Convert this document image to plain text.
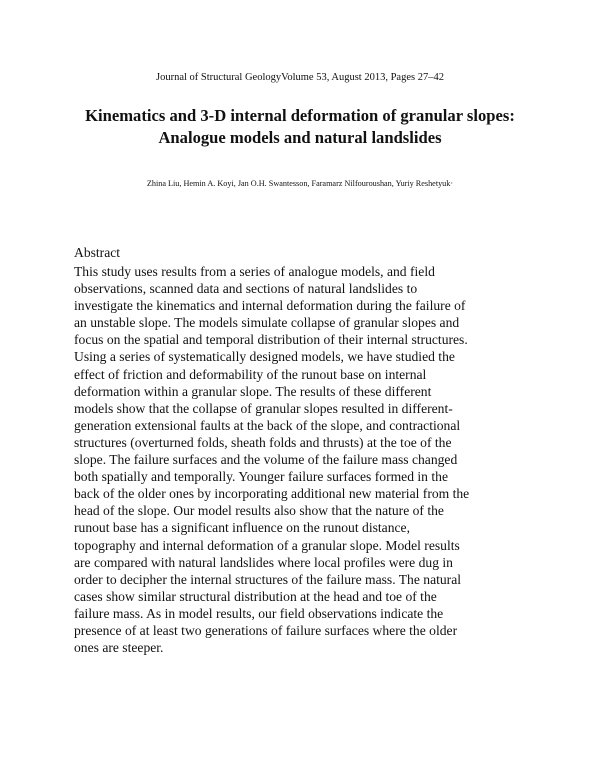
Journal of Structural GeologyVolume 53, August 2013, Pages 27–42
Kinematics and 3-D internal deformation of granular slopes:
Analogue models and natural landslides
Zhina Liu, Hemin A. Koyi, Jan O.H. Swantesson, Faramarz Nilfouroushan, Yuriy Reshetyuk·
Abstract
This study uses results from a series of analogue models, and field
observations, scanned data and sections of natural landslides to
investigate the kinematics and internal deformation during the failure of
an unstable slope. The models simulate collapse of granular slopes and
focus on the spatial and temporal distribution of their internal structures.
Using a series of systematically designed models, we have studied the
effect of friction and deformability of the runout base on internal
deformation within a granular slope. The results of these different
models show that the collapse of granular slopes resulted in different-
generation extensional faults at the back of the slope, and contractional
structures (overturned folds, sheath folds and thrusts) at the toe of the
slope. The failure surfaces and the volume of the failure mass changed
both spatially and temporally. Younger failure surfaces formed in the
back of the older ones by incorporating additional new material from the
head of the slope. Our model results also show that the nature of the
runout base has a significant influence on the runout distance,
topography and internal deformation of a granular slope. Model results
are compared with natural landslides where local profiles were dug in
order to decipher the internal structures of the failure mass. The natural
cases show similar structural distribution at the head and toe of the
failure mass. As in model results, our field observations indicate the
presence of at least two generations of failure surfaces where the older
ones are steeper.
